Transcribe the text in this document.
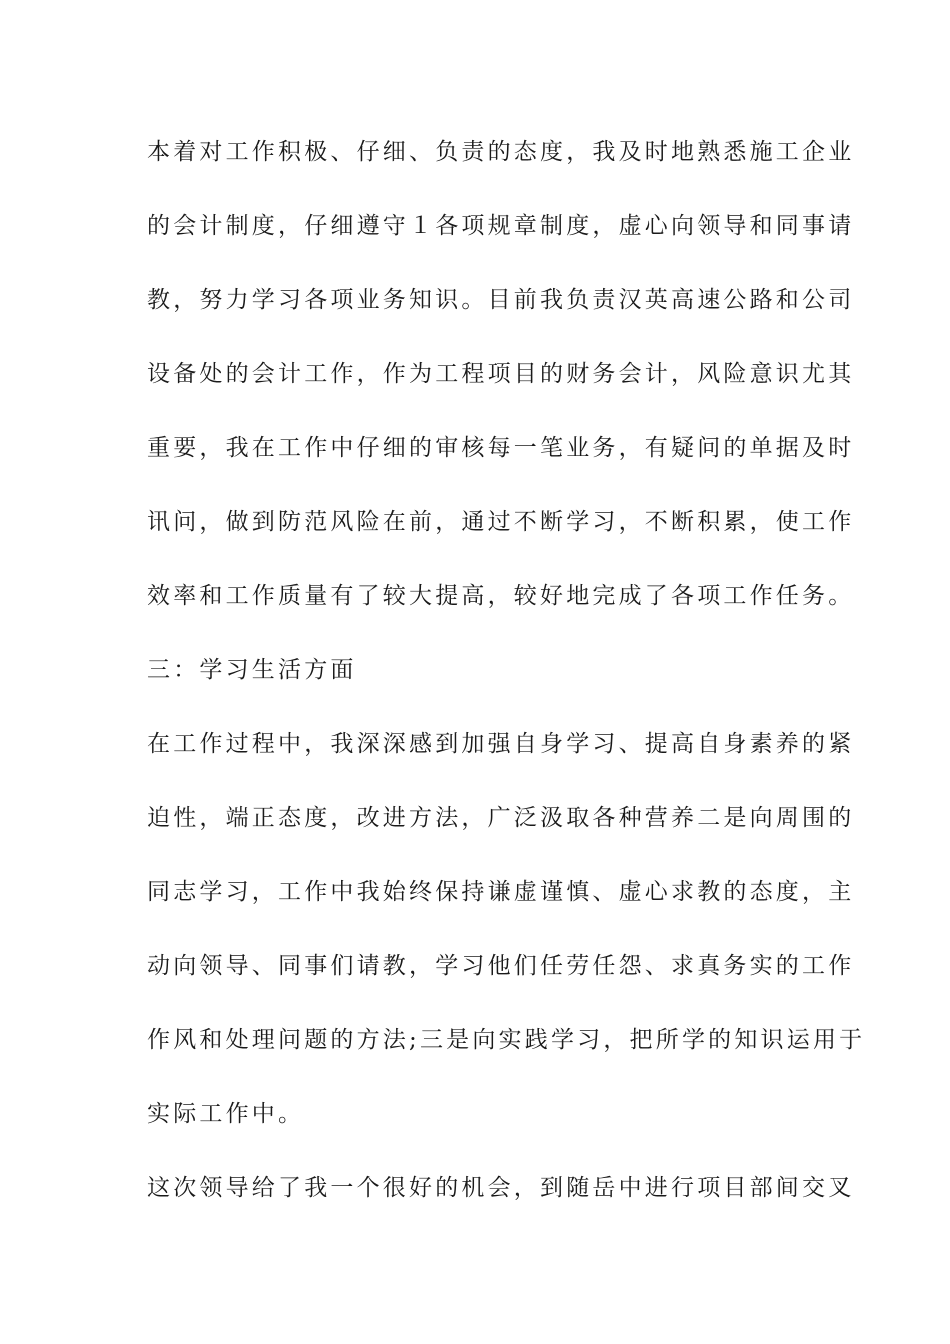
本着对工作积极、仔细、负责的态度，我及时地熟悉施工企业
的会计制度，仔细遵守１各项规章制度，虚心向领导和同事请
教，努力学习各项业务知识。目前我负责汉英高速公路和公司
设备处的会计工作，作为工程项目的财务会计，风险意识尤其
重要，我在工作中仔细的审核每一笔业务，有疑问的单据及时
讯问，做到防范风险在前，通过不断学习，不断积累，使工作
效率和工作质量有了较大提高，较好地完成了各项工作任务。
三：学习生活方面
在工作过程中，我深深感到加强自身学习、提高自身素养的紧
迫性，端正态度，改进方法，广泛汲取各种营养二是向周围的
同志学习，工作中我始终保持谦虚谨慎、虚心求教的态度，主
动向领导、同事们请教，学习他们任劳任怨、求真务实的工作
作风和处理问题的方法;三是向实践学习，把所学的知识运用于
实际工作中。
这次领导给了我一个很好的机会，到随岳中进行项目部间交叉
